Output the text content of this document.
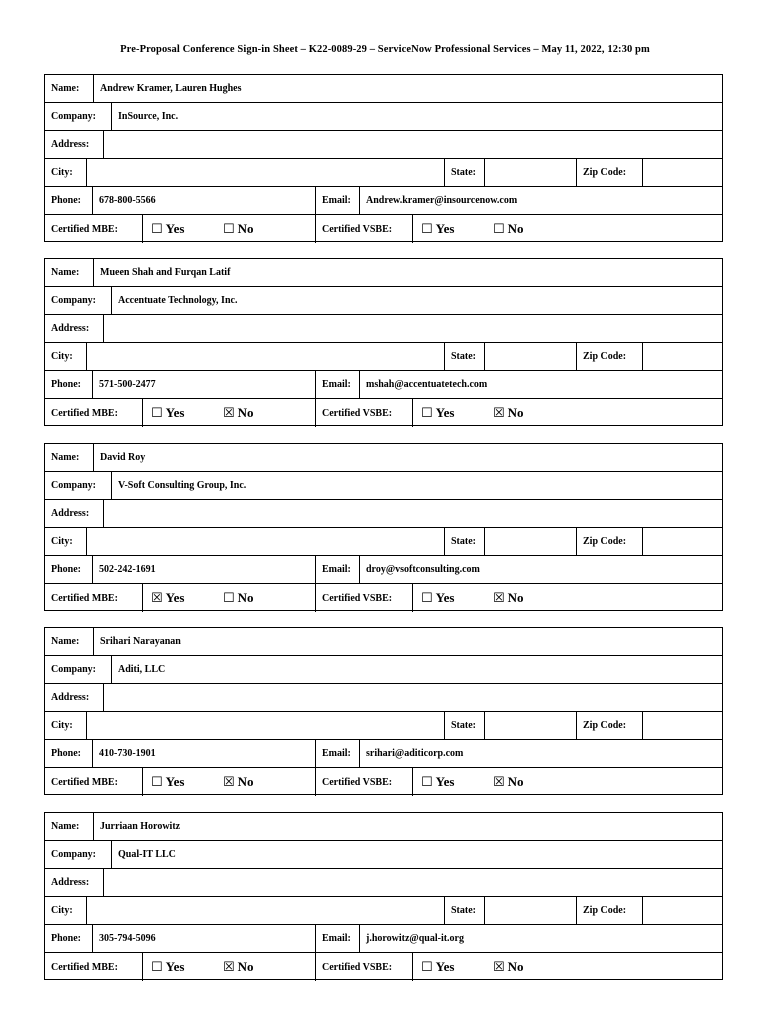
Pre-Proposal Conference Sign-in Sheet – K22-0089-29 – ServiceNow Professional Services – May 11, 2022, 12:30 pm
Name:	Andrew Kramer, Lauren Hughes
Company:	InSource, Inc.
Address:
City:	State:	Zip Code:
Phone:	678-800-5566	Email:	Andrew.kramer@insourcenow.com
Certified MBE:	☐ Yes	☐ No	Certified VSBE:	☐ Yes	☐ No
Name:	Mueen Shah and Furqan Latif
Company:	Accentuate Technology, Inc.
Address:
City:	State:	Zip Code:
Phone:	571-500-2477	Email:	mshah@accentuatetech.com
Certified MBE:	☐ Yes	☒ No	Certified VSBE:	☐ Yes	☒ No
Name:	David Roy
Company:	V-Soft Consulting Group, Inc.
Address:
City:	State:	Zip Code:
Phone:	502-242-1691	Email:	droy@vsoftconsulting.com
Certified MBE:	☒ Yes	☐ No	Certified VSBE:	☐ Yes	☒ No
Name:	Srihari Narayanan
Company:	Aditi, LLC
Address:
City:	State:	Zip Code:
Phone:	410-730-1901	Email:	srihari@aditicorp.com
Certified MBE:	☐ Yes	☒ No	Certified VSBE:	☐ Yes	☒ No
Name:	Jurriaan Horowitz
Company:	Qual-IT LLC
Address:
City:	State:	Zip Code:
Phone:	305-794-5096	Email:	j.horowitz@qual-it.org
Certified MBE:	☐ Yes	☒ No	Certified VSBE:	☐ Yes	☒ No
